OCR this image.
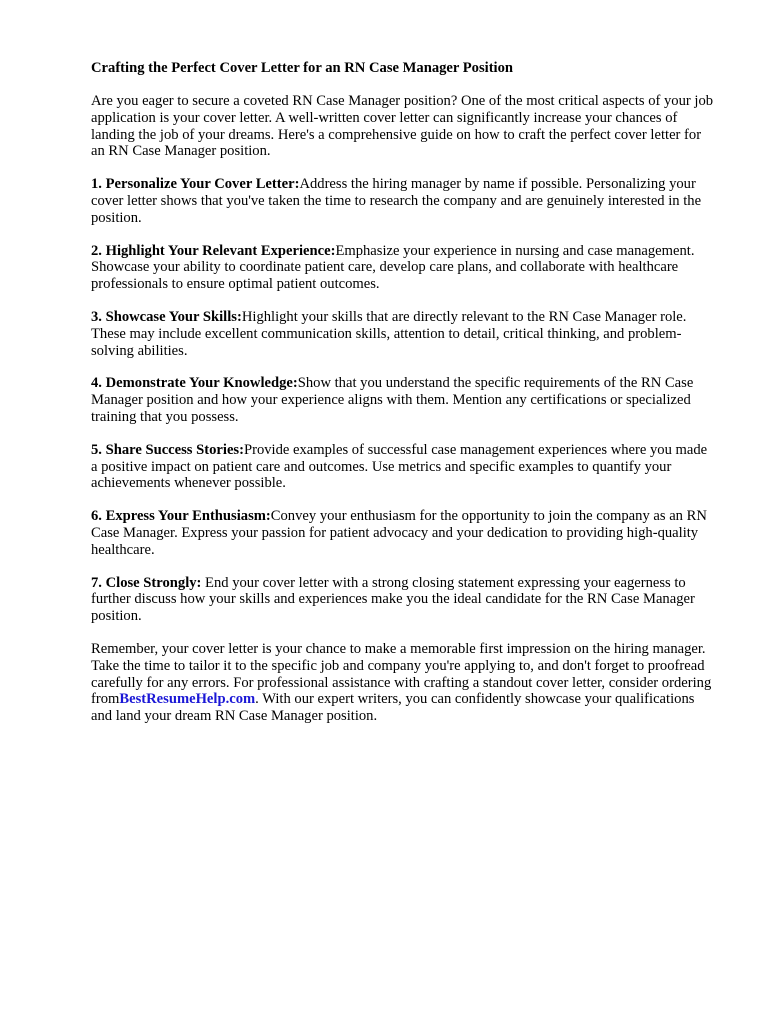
Crafting the Perfect Cover Letter for an RN Case Manager Position

Are you eager to secure a coveted RN Case Manager position? One of the most critical aspects of your job application is your cover letter. A well-written cover letter can significantly increase your chances of landing the job of your dreams. Here's a comprehensive guide on how to craft the perfect cover letter for an RN Case Manager position.

1. Personalize Your Cover Letter:Address the hiring manager by name if possible. Personalizing your cover letter shows that you've taken the time to research the company and are genuinely interested in the position.

2. Highlight Your Relevant Experience:Emphasize your experience in nursing and case management. Showcase your ability to coordinate patient care, develop care plans, and collaborate with healthcare professionals to ensure optimal patient outcomes.

3. Showcase Your Skills:Highlight your skills that are directly relevant to the RN Case Manager role. These may include excellent communication skills, attention to detail, critical thinking, and problem-solving abilities.

4. Demonstrate Your Knowledge:Show that you understand the specific requirements of the RN Case Manager position and how your experience aligns with them. Mention any certifications or specialized training that you possess.

5. Share Success Stories:Provide examples of successful case management experiences where you made a positive impact on patient care and outcomes. Use metrics and specific examples to quantify your achievements whenever possible.

6. Express Your Enthusiasm:Convey your enthusiasm for the opportunity to join the company as an RN Case Manager. Express your passion for patient advocacy and your dedication to providing high-quality healthcare.

7. Close Strongly: End your cover letter with a strong closing statement expressing your eagerness to further discuss how your skills and experiences make you the ideal candidate for the RN Case Manager position.

Remember, your cover letter is your chance to make a memorable first impression on the hiring manager. Take the time to tailor it to the specific job and company you're applying to, and don't forget to proofread carefully for any errors. For professional assistance with crafting a standout cover letter, consider ordering fromBestResumeHelp.com. With our expert writers, you can confidently showcase your qualifications and land your dream RN Case Manager position.
